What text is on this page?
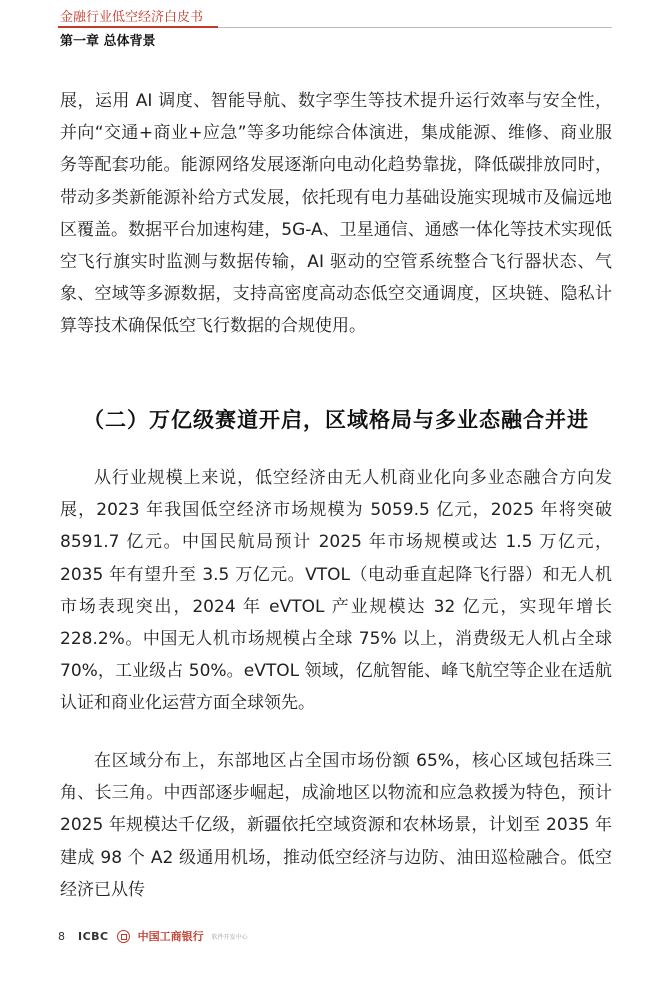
金融行业低空经济白皮书
第一章 总体背景

展，运用 AI 调度、智能导航、数字孪生等技术提升运行效率与安全性，并向“交通+商业+应急”等多功能综合体演进，集成能源、维修、商业服务等配套功能。能源网络发展逐渐向电动化趋势靠拢，降低碳排放同时，带动多类新能源补给方式发展，依托现有电力基础设施实现城市及偏远地区覆盖。数据平台加速构建，5G-A、卫星通信、通感一体化等技术实现低空飞行旗实时监测与数据传输，AI 驱动的空管系统整合飞行器状态、气象、空域等多源数据，支持高密度高动态低空交通调度，区块链、隐私计算等技术确保低空飞行数据的合规使用。

（二）万亿级赛道开启，区域格局与多业态融合并进

从行业规模上来说，低空经济由无人机商业化向多业态融合方向发展，2023 年我国低空经济市场规模为 5059.5 亿元，2025 年将突破 8591.7 亿元。中国民航局预计 2025 年市场规模或达 1.5 万亿元，2035 年有望升至 3.5 万亿元。VTOL（电动垂直起降飞行器）和无人机市场表现突出，2024 年 eVTOL 产业规模达 32 亿元，实现年增长 228.2%。中国无人机市场规模占全球 75% 以上，消费级无人机占全球 70%，工业级占 50%。eVTOL 领域，亿航智能、峰飞航空等企业在适航认证和商业化运营方面全球领先。

在区域分布上，东部地区占全国市场份额 65%，核心区域包括珠三角、长三角。中西部逐步崛起，成渝地区以物流和应急救援为特色，预计 2025 年规模达千亿级，新疆依托空域资源和农林场景，计划至 2035 年建成 98 个 A2 级通用机场，推动低空经济与边防、油田巡检融合。低空经济已从传

8	ICBC	中国工商银行 软件开发中心
